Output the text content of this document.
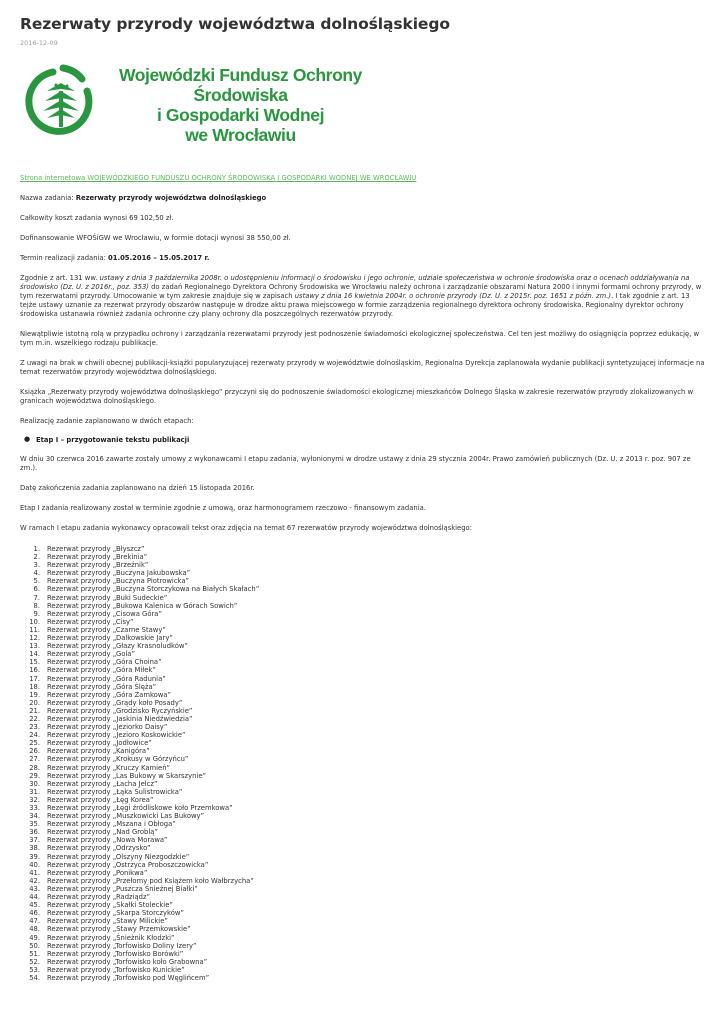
Rezerwaty przyrody województwa dolnośląskiego
2016-12-09
Wojewódzki Fundusz Ochrony Środowiska
i Gospodarki Wodnej
we Wrocławiu
Strona internetowa WOJEWÓDZKIEGO FUNDUSZU OCHRONY ŚRODOWISKA I GOSPODARKI WODNEJ WE WROCŁAWIU

Nazwa zadania: Rezerwaty przyrody województwa dolnośląskiego

Całkowity koszt zadania wynosi 69 102,50 zł.

Dofinansowanie WFOŚiGW we Wrocławiu, w formie dotacji wynosi 38 550,00 zł.

Termin realizacji zadania: 01.05.2016 – 15.05.2017 r.

Zgodnie z art. 131 ww. ustawy z dnia 3 października 2008r. o udostępnieniu informacji o środowisku i jego ochronie, udziale społeczeństwa w ochronie środowiska oraz o ocenach oddziaływania na środowisko (Dz. U. z 2016r., poz. 353) do zadań Regionalnego Dyrektora Ochrony Środowiska we Wrocławiu należy ochrona i zarządzanie obszarami Natura 2000 i innymi formami ochrony przyrody, w tym rezerwatami przyrody. Umocowanie w tym zakresie znajduje się w zapisach ustawy z dnia 16 kwietnia 2004r. o ochronie przyrody (Dz. U. z 2015r. poz. 1651 z późn. zm.). I tak zgodnie z art. 13 tejże ustawy uznanie za rezerwat przyrody obszarów następuje w drodze aktu prawa miejscowego w formie zarządzenia regionalnego dyrektora ochrony środowiska. Regionalny dyrektor ochrony środowiska ustanawia również zadania ochronne czy plany ochrony dla poszczególnych rezerwatów przyrody.

Niewątpliwie istotną rolą w przypadku ochrony i zarządzania rezerwatami przyrody jest podnoszenie świadomości ekologicznej społeczeństwa. Cel ten jest możliwy do osiągnięcia poprzez edukację, w tym m.in. wszelkiego rodzaju publikacje.

Z uwagi na brak w chwili obecnej publikacji-książki popularyzującej rezerwaty przyrody w województwie dolnośląskim, Regionalna Dyrekcja zaplanowała wydanie publikacji syntetyzującej informacje na temat rezerwatów przyrody województwa dolnośląskiego.

Książka „Rezerwaty przyrody województwa dolnośląskiego” przyczyni się do podnoszenie świadomości ekologicznej mieszkańców Dolnego Śląska w zakresie rezerwatów przyrody zlokalizowanych w granicach województwa dolnośląskiego.

Realizację zadanie zaplanowano w dwóch etapach:

● Etap I – przygotowanie tekstu publikacji

W dniu 30 czerwca 2016 zawarte zostały umowy z wykonawcami I etapu zadania, wyłonionymi w drodze ustawy z dnia 29 stycznia 2004r. Prawo zamówień publicznych (Dz. U. z 2013 r. poz. 907 ze zm.).

Datę zakończenia zadania zaplanowano na dzień 15 listopada 2016r.

Etap I zadania realizowany został w terminie zgodnie z umową, oraz harmonogramem rzeczowo - finansowym zadania.

W ramach I etapu zadania wykonawcy opracowali tekst oraz zdjęcia na temat 67 rezerwatów przyrody województwa dolnośląskiego:

1. Rezerwat przyrody „Błyszcz”
2. Rezerwat przyrody „Brekinia”
3. Rezerwat przyrody „Brzeźnik”
4. Rezerwat przyrody „Buczyna Jakubowska”
5. Rezerwat przyrody „Buczyna Piotrowicka”
6. Rezerwat przyrody „Buczyna Storczykowa na Białych Skałach”
7. Rezerwat przyrody „Buki Sudeckie”
8. Rezerwat przyrody „Bukowa Kalenica w Górach Sowich”
9. Rezerwat przyrody „Cisowa Góra”
10. Rezerwat przyrody „Cisy”
11. Rezerwat przyrody „Czarne Stawy”
12. Rezerwat przyrody „Dalkowskie Jary”
13. Rezerwat przyrody „Głazy Krasnoludków”
14. Rezerwat przyrody „Gola”
15. Rezerwat przyrody „Góra Choina”
16. Rezerwat przyrody „Góra Miłek”
17. Rezerwat przyrody „Góra Radunia”
18. Rezerwat przyrody „Góra Ślęża”
19. Rezerwat przyrody „Góra Zamkowa”
20. Rezerwat przyrody „Grądy koło Posady”
21. Rezerwat przyrody „Grodzisko Ryczyńskie”
22. Rezerwat przyrody „Jaskinia Niedźwiedzia”
23. Rezerwat przyrody „Jeziorko Daisy”
24. Rezerwat przyrody „Jezioro Koskowickie”
25. Rezerwat przyrody „Jodłowice”
26. Rezerwat przyrody „Kanigóra”
27. Rezerwat przyrody „Krokusy w Górzyńcu”
28. Rezerwat przyrody „Kruczy Kamień”
29. Rezerwat przyrody „Las Bukowy w Skarszynie”
30. Rezerwat przyrody „Łacha Jelcz”
31. Rezerwat przyrody „Łąka Sulistrowicka”
32. Rezerwat przyrody „Łęg Korea”
33. Rezerwat przyrody „Łęgi źródliskowe koło Przemkowa”
34. Rezerwat przyrody „Muszkowicki Las Bukowy”
35. Rezerwat przyrody „Mszana i Obłoga”
36. Rezerwat przyrody „Nad Groblą”
37. Rezerwat przyrody „Nowa Morawa”
38. Rezerwat przyrody „Odrzysko”
39. Rezerwat przyrody „Olszyny Niezgodzkie”
40. Rezerwat przyrody „Ostrzyca Proboszczowicka”
41. Rezerwat przyrody „Ponikwa”
42. Rezerwat przyrody „Przełomy pod Książem koło Wałbrzycha”
43. Rezerwat przyrody „Puszcza Śnieżnej Białki”
44. Rezerwat przyrody „Radziądz”
45. Rezerwat przyrody „Skałki Stoleckie”
46. Rezerwat przyrody „Skarpa Storczyków”
47. Rezerwat przyrody „Stawy Milickie”
48. Rezerwat przyrody „Stawy Przemkowskie”
49. Rezerwat przyrody „Śnieżnik Kłodzki”
50. Rezerwat przyrody „Torfowisko Doliny Izery”
51. Rezerwat przyrody „Torfowisko Borówki”
52. Rezerwat przyrody „Torfowisko koło Grabowna”
53. Rezerwat przyrody „Torfowisko Kunickie”
54. Rezerwat przyrody „Torfowisko pod Węglińcem”
